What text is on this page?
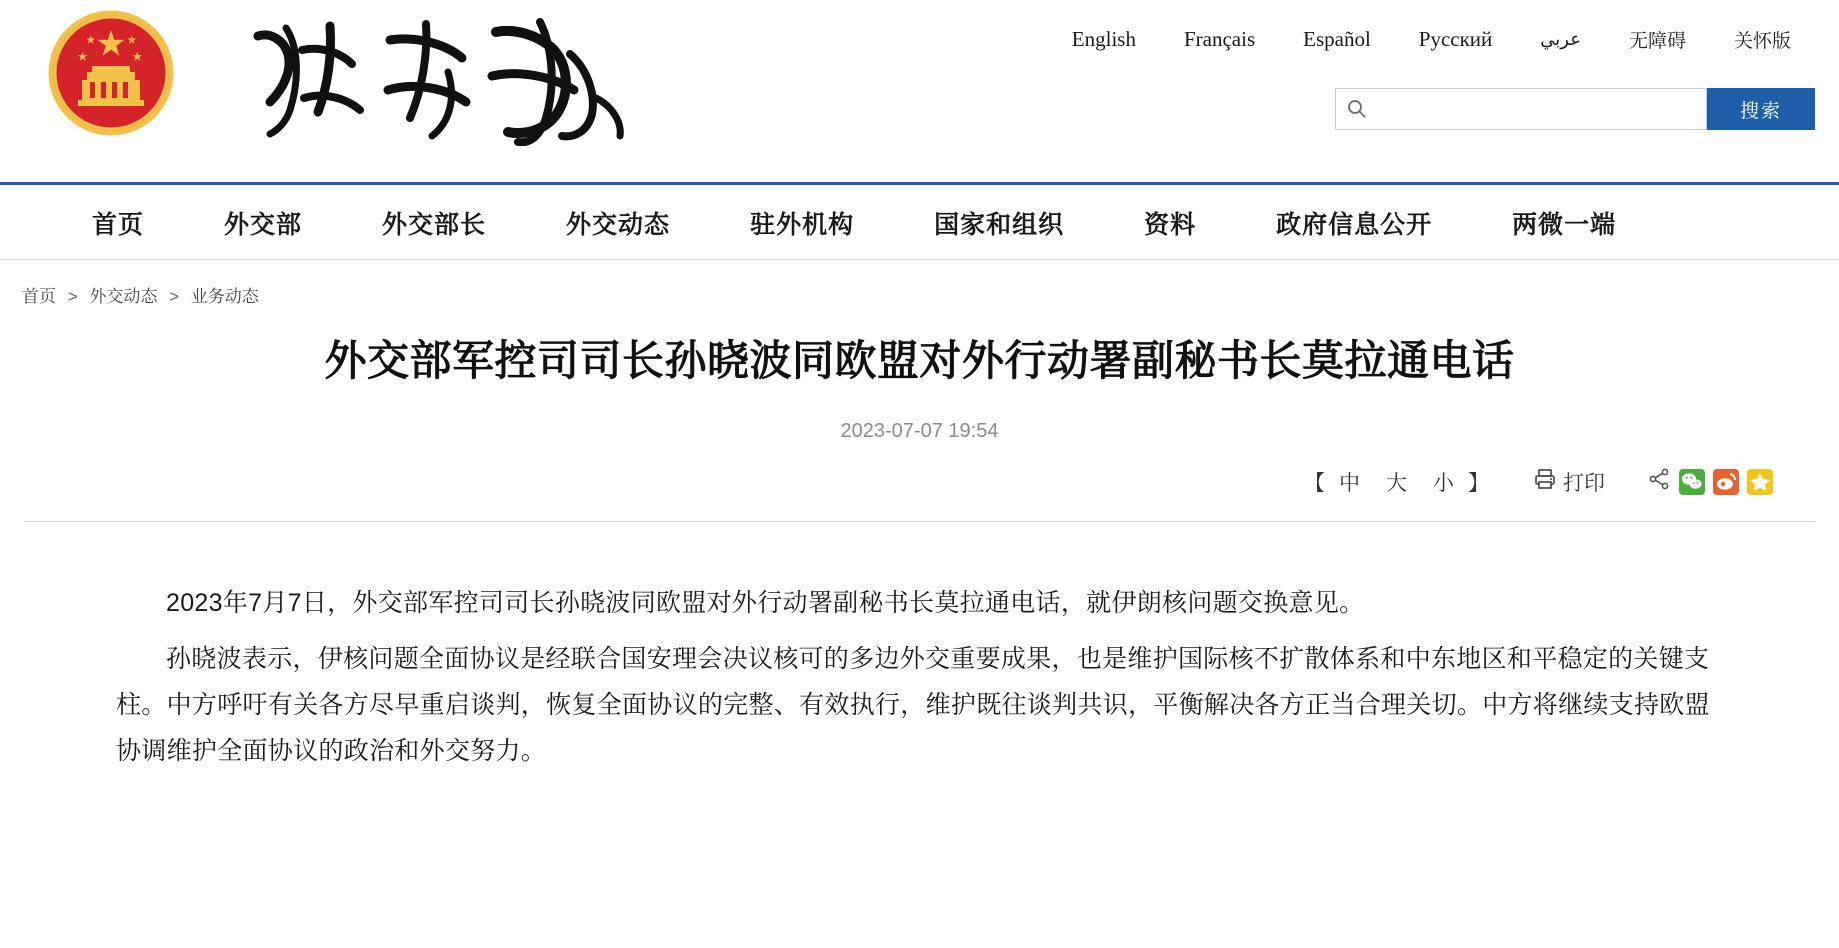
English	Français	Español	Русский	عربي	无障碍	关怀版
搜索
首页	外交部	外交部长	外交动态	驻外机构	国家和组织	资料	政府信息公开	两微一端
首页 > 外交动态 > 业务动态
外交部军控司司长孙晓波同欧盟对外行动署副秘书长莫拉通电话
2023-07-07 19:54
【 中	大	小 】	打印

2023年7月7日，外交部军控司司长孙晓波同欧盟对外行动署副秘书长莫拉通电话，就伊朗核问题交换意见。

孙晓波表示，伊核问题全面协议是经联合国安理会决议核可的多边外交重要成果，也是维护国际核不扩散体系和中东地区和平稳定的关键支柱。中方呼吁有关各方尽早重启谈判，恢复全面协议的完整、有效执行，维护既往谈判共识，平衡解决各方正当合理关切。中方将继续支持欧盟协调维护全面协议的政治和外交努力。
